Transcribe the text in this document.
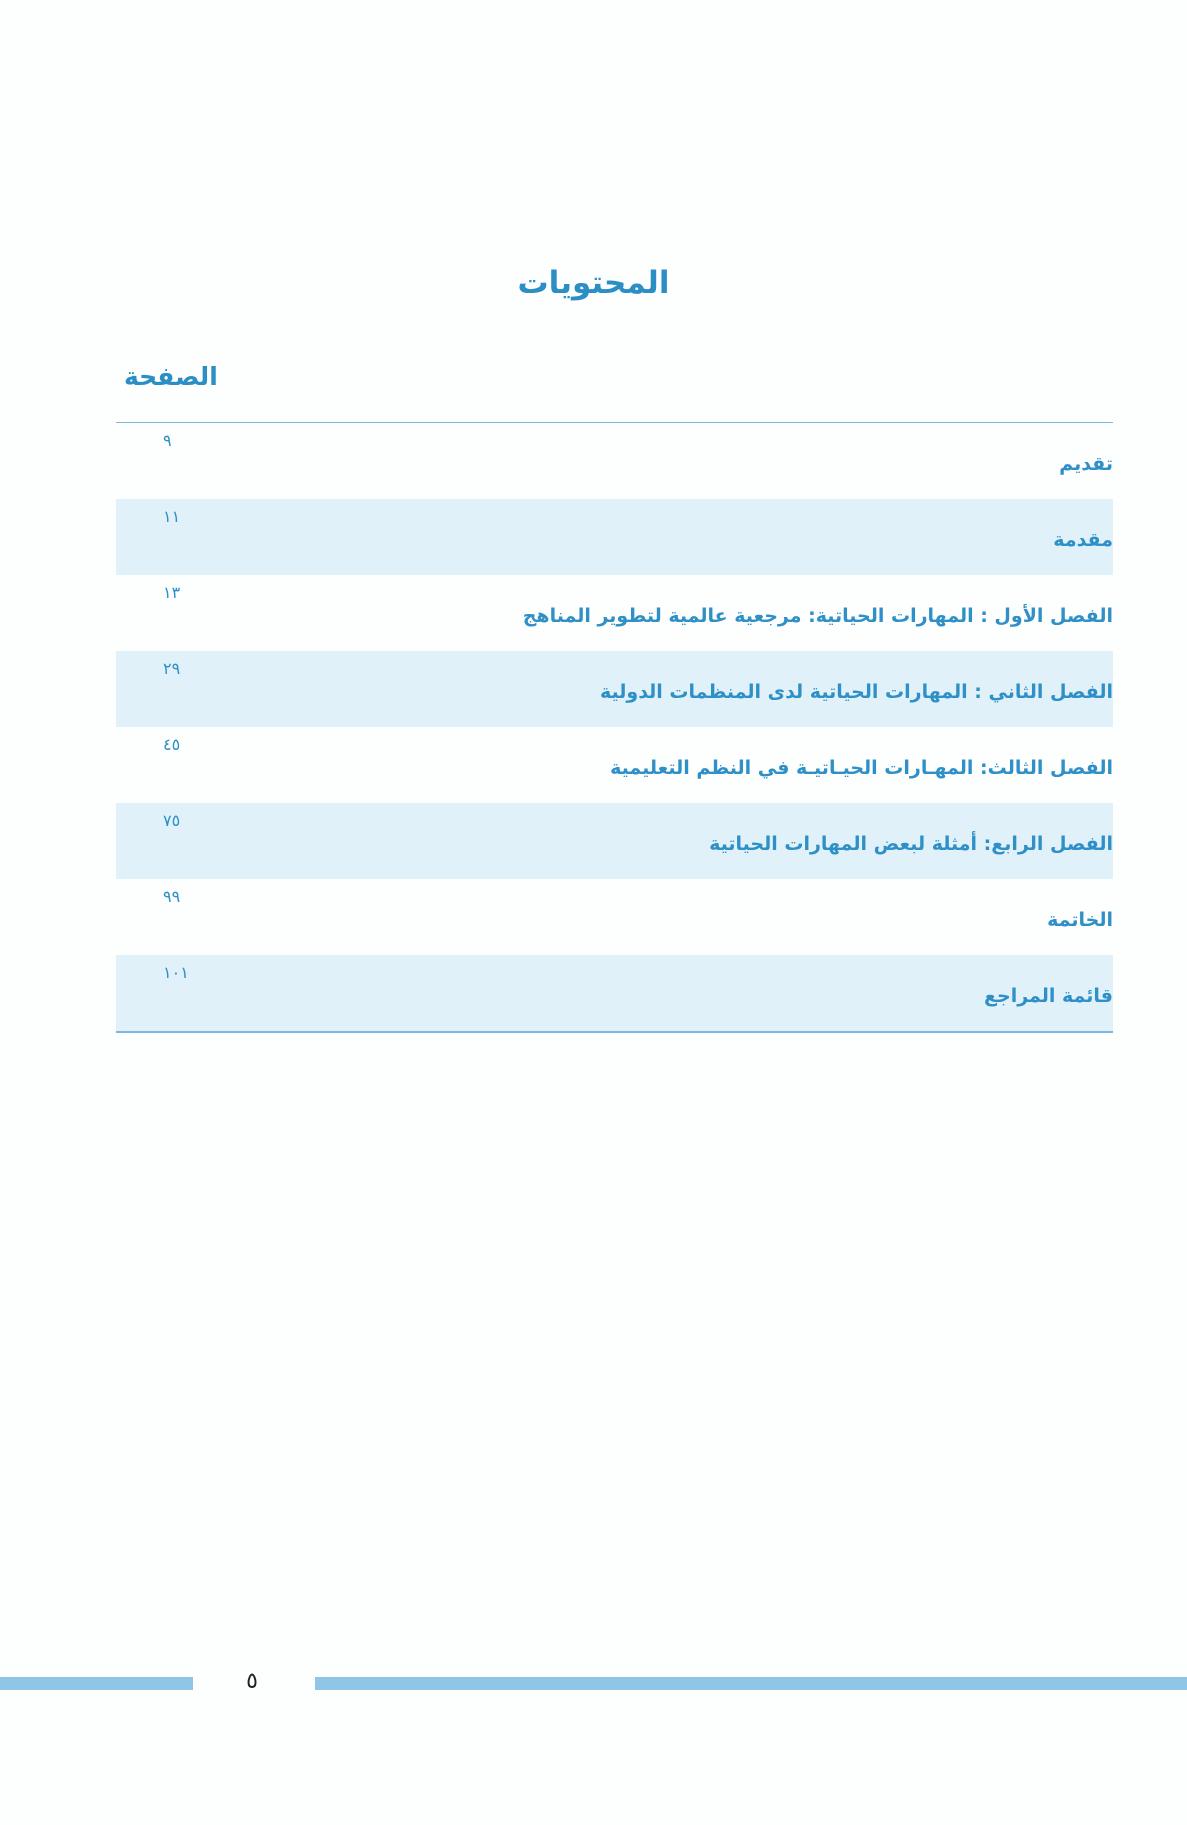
المحتويات
الصفحة
تقديم
٩
مقدمة
١١
الفصل الأول : المهارات الحياتية: مرجعية عالمية لتطوير المناهج
١٣
الفصل الثاني : المهارات الحياتية لدى المنظمات الدولية
٢٩
الفصل الثالث: المهـارات الحيـاتيـة في النظم التعليمية
٤٥
الفصل الرابع: أمثلة لبعض المهارات الحياتية
٧٥
الخاتمة
٩٩
قائمة المراجع
١٠١
٥
